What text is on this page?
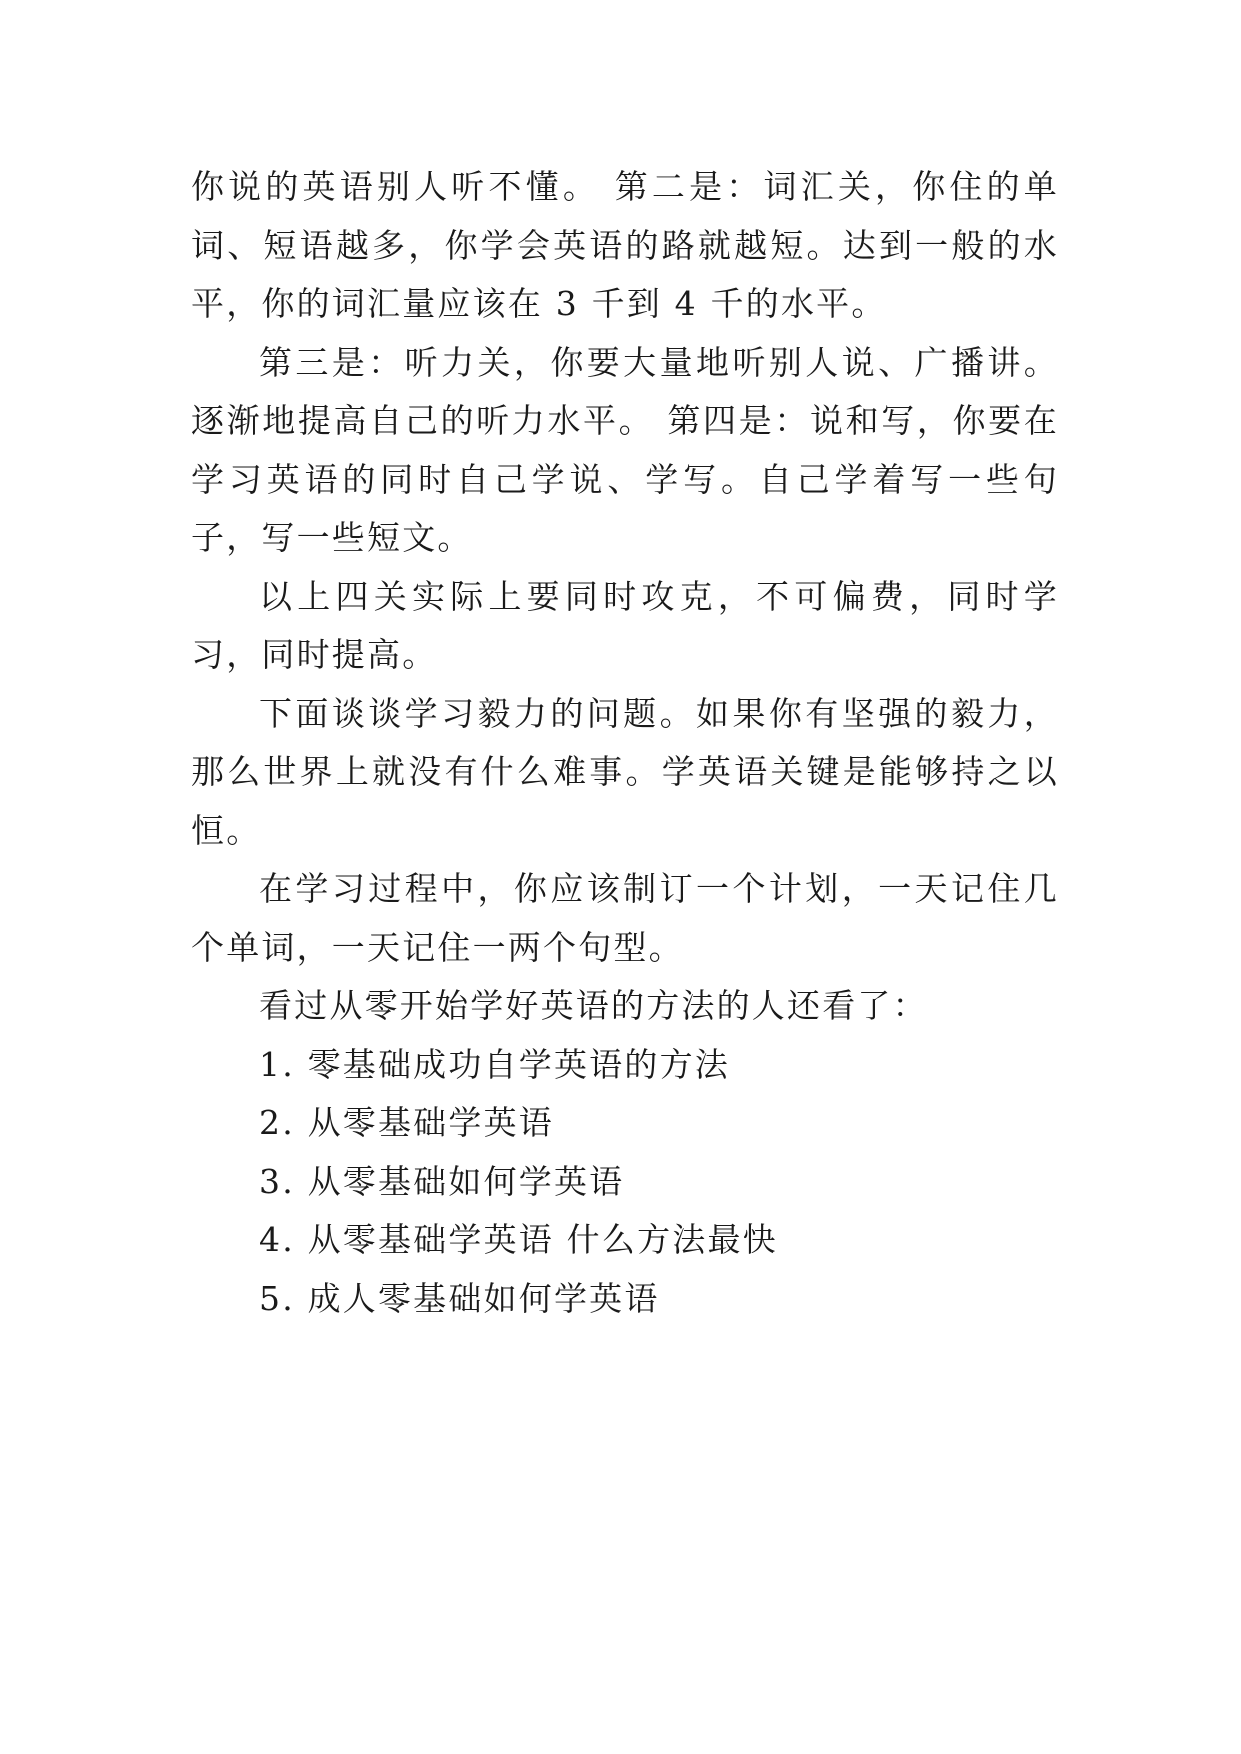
你说的英语别人听不懂。 第二是：词汇关，你住的单词、短语越多，你学会英语的路就越短。达到一般的水平，你的词汇量应该在 3 千到 4 千的水平。

第三是：听力关，你要大量地听别人说、广播讲。逐渐地提高自己的听力水平。 第四是：说和写，你要在学习英语的同时自己学说、学写。自己学着写一些句子，写一些短文。

以上四关实际上要同时攻克，不可偏费，同时学习，同时提高。

下面谈谈学习毅力的问题。如果你有坚强的毅力，那么世界上就没有什么难事。学英语关键是能够持之以恒。

在学习过程中，你应该制订一个计划，一天记住几个单词，一天记住一两个句型。

看过从零开始学好英语的方法的人还看了：

1. 零基础成功自学英语的方法
2. 从零基础学英语
3. 从零基础如何学英语
4. 从零基础学英语 什么方法最快
5. 成人零基础如何学英语
